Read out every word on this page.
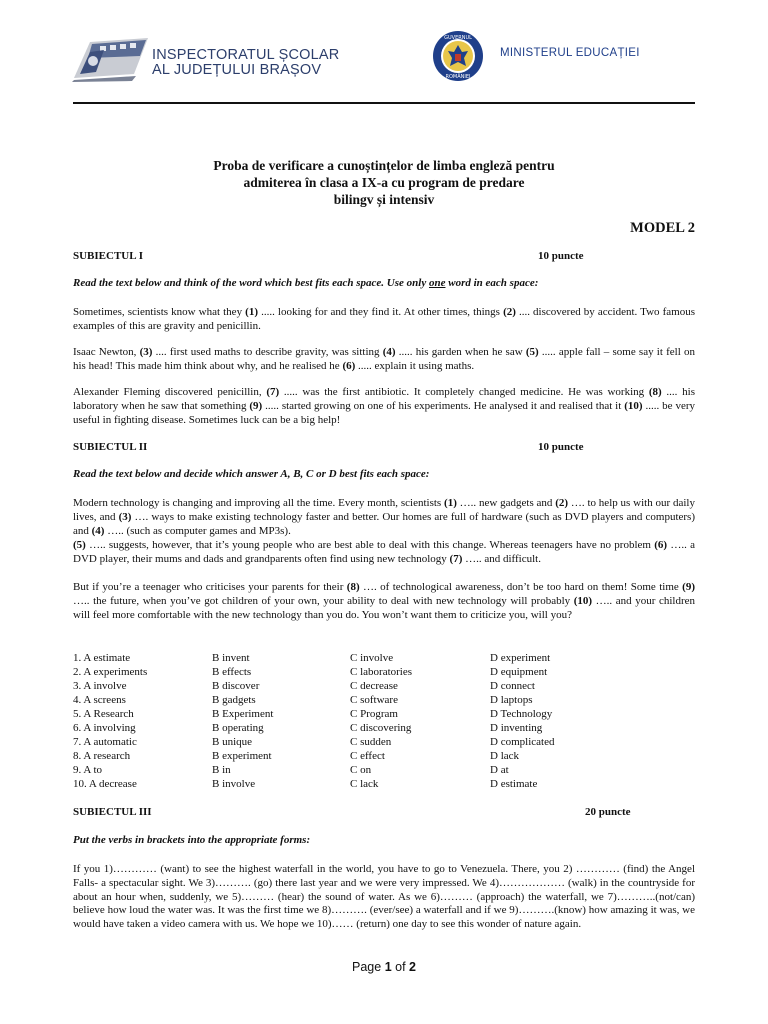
INSPECTORATUL ȘCOLAR
AL JUDEȚULUI BRAȘOV
GUVERNUL
ROMÂNIEI
MINISTERUL EDUCAȚIEI
Proba de verificare a cunoștințelor de limba engleză pentru
admiterea în clasa a IX-a cu program de predare
bilingv și intensiv
MODEL 2
SUBIECTUL I	10 puncte
Read the text below and think of the word which best fits each space. Use only one word in each space:
Sometimes, scientists know what they (1) ..... looking for and they find it. At other times, things (2) .... discovered by accident. Two famous examples of this are gravity and penicillin.
Isaac Newton, (3) .... first used maths to describe gravity, was sitting (4) ..... his garden when he saw (5) ..... apple fall – some say it fell on his head! This made him think about why, and he realised he (6) ..... explain it using maths.
Alexander Fleming discovered penicillin, (7) ..... was the first antibiotic. It completely changed medicine. He was working (8) .... his laboratory when he saw that something (9) ..... started growing on one of his experiments. He analysed it and realised that it (10) ..... be very useful in fighting disease. Sometimes luck can be a big help!
SUBIECTUL II	10 puncte
Read the text below and decide which answer A, B, C or D best fits each space:
Modern technology is changing and improving all the time. Every month, scientists (1) ….. new gadgets and (2) …. to help us with our daily lives, and (3) …. ways to make existing technology faster and better. Our homes are full of hardware (such as DVD players and computers) and (4) ….. (such as computer games and MP3s).
(5) ….. suggests, however, that it’s young people who are best able to deal with this change. Whereas teenagers have no problem (6) ….. a DVD player, their mums and dads and grandparents often find using new technology (7) ….. and difficult.
But if you’re a teenager who criticises your parents for their (8) …. of technological awareness, don’t be too hard on them! Some time (9) ….. the future, when you’ve got children of your own, your ability to deal with new technology will probably (10) ….. and your children will feel more comfortable with the new technology than you do. You won’t want them to criticize you, will you?
1. A estimate	B invent	C involve	D experiment
2. A experiments	B effects	C laboratories	D equipment
3. A involve	B discover	C decrease	D connect
4. A screens	B gadgets	C software	D laptops
5. A Research	B Experiment	C Program	D Technology
6. A involving	B operating	C discovering	D inventing
7. A automatic	B unique	C sudden	D complicated
8. A research	B experiment	C effect	D lack
9. A to	B in	C on	D at
10. A decrease	B involve	C lack	D estimate
SUBIECTUL III	20 puncte
Put the verbs in brackets into the appropriate forms:
If you 1)………… (want) to see the highest waterfall in the world, you have to go to Venezuela. There, you 2) ………… (find) the Angel Falls- a spectacular sight. We 3)………. (go) there last year and we were very impressed. We 4)……………… (walk) in the countryside for about an hour when, suddenly, we 5)……… (hear) the sound of water. As we 6)……… (approach) the waterfall, we 7)………..(not/can) believe how loud the water was. It was the first time we 8)………. (ever/see) a waterfall and if we 9)……….(know) how amazing it was, we would have taken a video camera with us. We hope we 10)…… (return) one day to see this wonder of nature again.
Page 1 of 2
